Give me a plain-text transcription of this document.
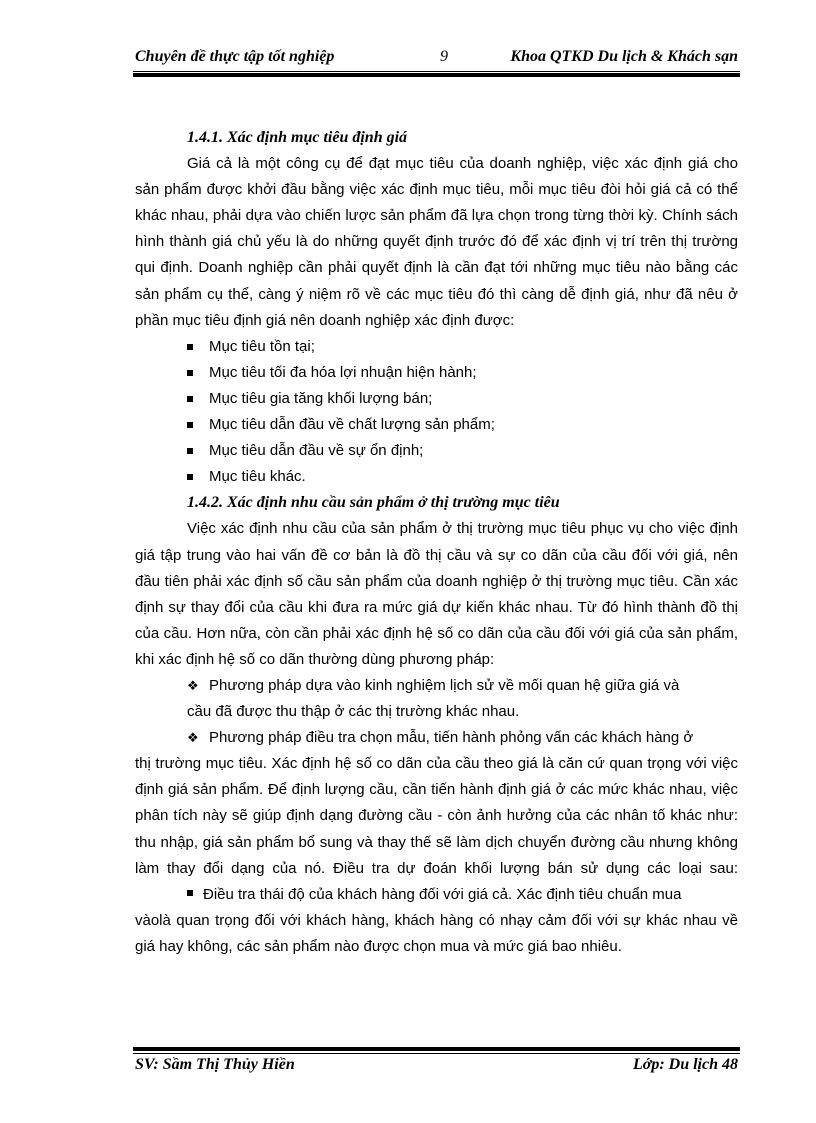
Chuyên đề thực tập tốt nghiệp	9	Khoa QTKD Du lịch & Khách sạn

1.4.1. Xác định mục tiêu định giá

Giá cả là một công cụ để đạt mục tiêu của doanh nghiệp, việc xác định giá cho sản phẩm được khởi đầu bằng việc xác định mục tiêu, mỗi mục tiêu đòi hỏi giá cả có thể khác nhau, phải dựa vào chiến lược sản phẩm đã lựa chọn trong từng thời kỳ. Chính sách hình thành giá chủ yếu là do những quyết định trước đó để xác định vị trí trên thị trường qui định. Doanh nghiệp cần phải quyết định là cần đạt tới những mục tiêu nào bằng các sản phẩm cụ thể, càng ý niệm rõ về các mục tiêu đó thì càng dễ định giá, như đã nêu ở phần mục tiêu định giá nên doanh nghiệp xác định được:

Mục tiêu tồn tại;
Mục tiêu tối đa hóa lợi nhuận hiện hành;
Mục tiêu gia tăng khối lượng bán;
Mục tiêu dẫn đầu về chất lượng sản phẩm;
Mục tiêu dẫn đầu về sự ổn định;
Mục tiêu khác.

1.4.2. Xác định nhu cầu sản phẩm ở thị trường mục tiêu

Việc xác định nhu cầu của sản phẩm ở thị trường mục tiêu phục vụ cho việc định giá tập trung vào hai vấn đề cơ bản là đồ thị cầu và sự co dãn của cầu đối với giá, nên đầu tiên phải xác định số cầu sản phẩm của doanh nghiệp ở thị trường mục tiêu. Cần xác định sự thay đổi của cầu khi đưa ra mức giá dự kiến khác nhau. Từ đó hình thành đồ thị của cầu. Hơn nữa, còn cần phải xác định hệ số co dãn của cầu đối với giá của sản phẩm, khi xác định hệ số co dãn thường dùng phương pháp:

❖ Phương pháp dựa vào kinh nghiệm lịch sử về mối quan hệ giữa giá và

cầu đã được thu thập ở các thị trường khác nhau.

❖ Phương pháp điều tra chọn mẫu, tiến hành phỏng vấn các khách hàng ở

thị trường mục tiêu. Xác định hệ số co dãn của cầu theo giá là căn cứ quan trọng với việc định giá sản phẩm. Để định lượng cầu, cần tiến hành định giá ở các mức khác nhau, việc phân tích này sẽ giúp định dạng đường cầu - còn ảnh hưởng của các nhân tố khác như: thu nhập, giá sản phẩm bổ sung và thay thế sẽ làm dịch chuyển đường cầu nhưng không làm thay đổi dạng của nó. Điều tra dự đoán khối lượng bán sử dụng các loại sau:

Điều tra thái độ của khách hàng đối với giá cả. Xác định tiêu chuẩn mua

vàolà quan trọng đối với khách hàng, khách hàng có nhạy cảm đối với sự khác nhau về giá hay không, các sản phẩm nào được chọn mua và mức giá bao nhiêu.

SV: Sầm Thị Thủy Hiền	Lớp: Du lịch 48
